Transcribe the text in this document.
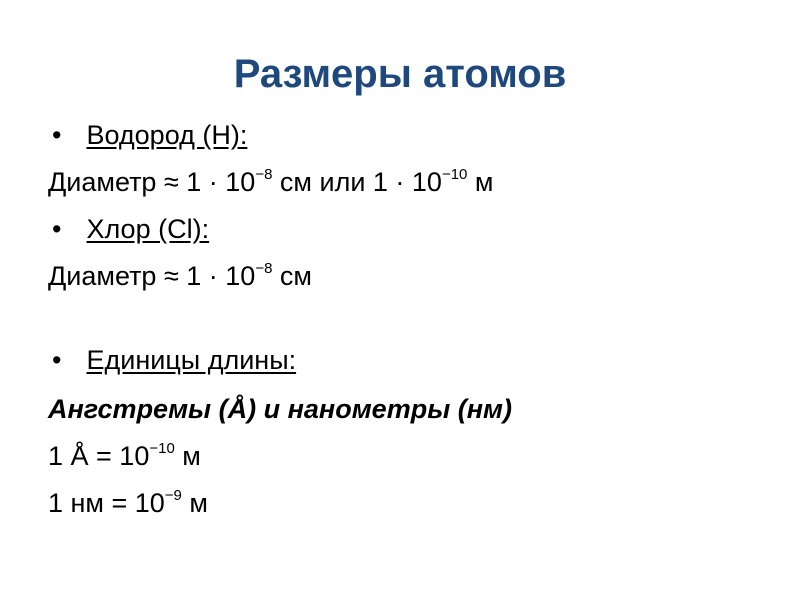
Размеры атомов
• Водород (H):
Диаметр ≈ $1 \cdot 10^{-8}$ см или $1 \cdot 10^{-10}$ м
• Хлор (Cl):
Диаметр ≈ $1 \cdot 10^{-8}$ см
• Единицы длины:
Ангстремы (Å) и нанометры (нм)
1 Å = $10^{-10}$ м
1 нм = $10^{-9}$ м
